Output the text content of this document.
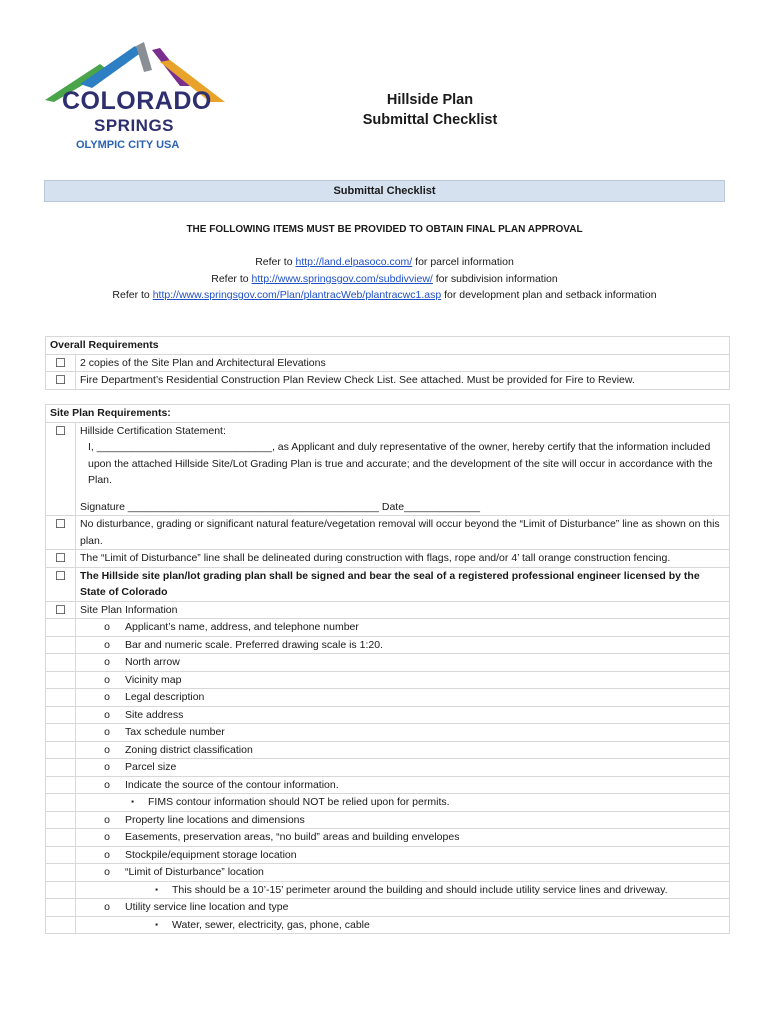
COLORADO
SPRINGS
OLYMPIC CITY USA
Hillside Plan
Submittal Checklist
Submittal Checklist
THE FOLLOWING ITEMS MUST BE PROVIDED TO OBTAIN FINAL PLAN APPROVAL
Refer to http://land.elpasoco.com/ for parcel information
Refer to http://www.springsgov.com/subdivview/ for subdivision information
Refer to http://www.springsgov.com/Plan/plantracWeb/plantracwc1.asp for development plan and setback information
Overall Requirements	
☐	2 copies of the Site Plan and Architectural Elevations
☐	Fire Department’s Residential Construction Plan Review Check List. See attached. Must be provided for Fire to Review.
Site Plan Requirements:	
☐	Hillside Certification Statement:
I, ______________________________, as Applicant and duly representative of the owner, hereby certify that the information included upon the attached Hillside Site/Lot Grading Plan is true and accurate; and the development of the site will occur in accordance with the Plan.
Signature ___________________________________________ Date_____________

☐	No disturbance, grading or significant natural feature/vegetation removal will occur beyond the “Limit of Disturbance” line as shown on this plan.
☐	The “Limit of Disturbance” line shall be delineated during construction with flags, rope and/or 4’ tall orange construction fencing.
☐	The Hillside site plan/lot grading plan shall be signed and bear the seal of a registered professional engineer licensed by the State of Colorado
☐	Site Plan Information

	o Applicant’s name, address, and telephone number

	o Bar and numeric scale. Preferred drawing scale is 1:20.

	o North arrow

	o Vicinity map

	o Legal description

	o Site address

	o Tax schedule number

	o Zoning district classification

	o Parcel size

	o Indicate the source of the contour information.

	▪ FIMS contour information should NOT be relied upon for permits.

	o Property line locations and dimensions

	o Easements, preservation areas, “no build” areas and building envelopes

	o Stockpile/equipment storage location

	o “Limit of Disturbance” location

	▪ This should be a 10’-15’ perimeter around the building and should include utility service lines and driveway.

	o Utility service line location and type

	▪ Water, sewer, electricity, gas, phone, cable
